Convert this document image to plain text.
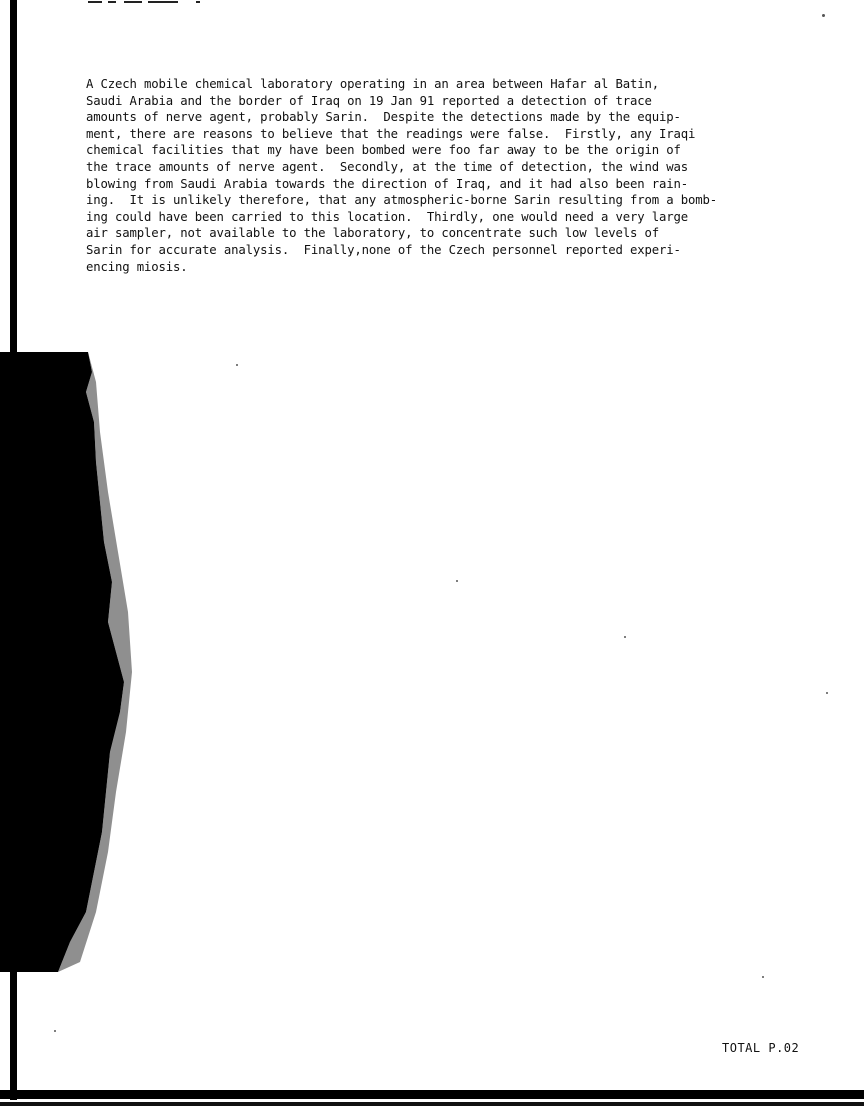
A Czech mobile chemical laboratory operating in an area between Hafar al Batin,
Saudi Arabia and the border of Iraq on 19 Jan 91 reported a detection of trace
amounts of nerve agent, probably Sarin.  Despite the detections made by the equip-
ment, there are reasons to believe that the readings were false.  Firstly, any Iraqi
chemical facilities that my have been bombed were foo far away to be the origin of
the trace amounts of nerve agent.  Secondly, at the time of detection, the wind was
blowing from Saudi Arabia towards the direction of Iraq, and it had also been rain-
ing.  It is unlikely therefore, that any atmospheric-borne Sarin resulting from a bomb-
ing could have been carried to this location.  Thirdly, one would need a very large
air sampler, not available to the laboratory, to concentrate such low levels of
Sarin for accurate analysis.  Finally,none of the Czech personnel reported experi-
encing miosis.

TOTAL P.02
